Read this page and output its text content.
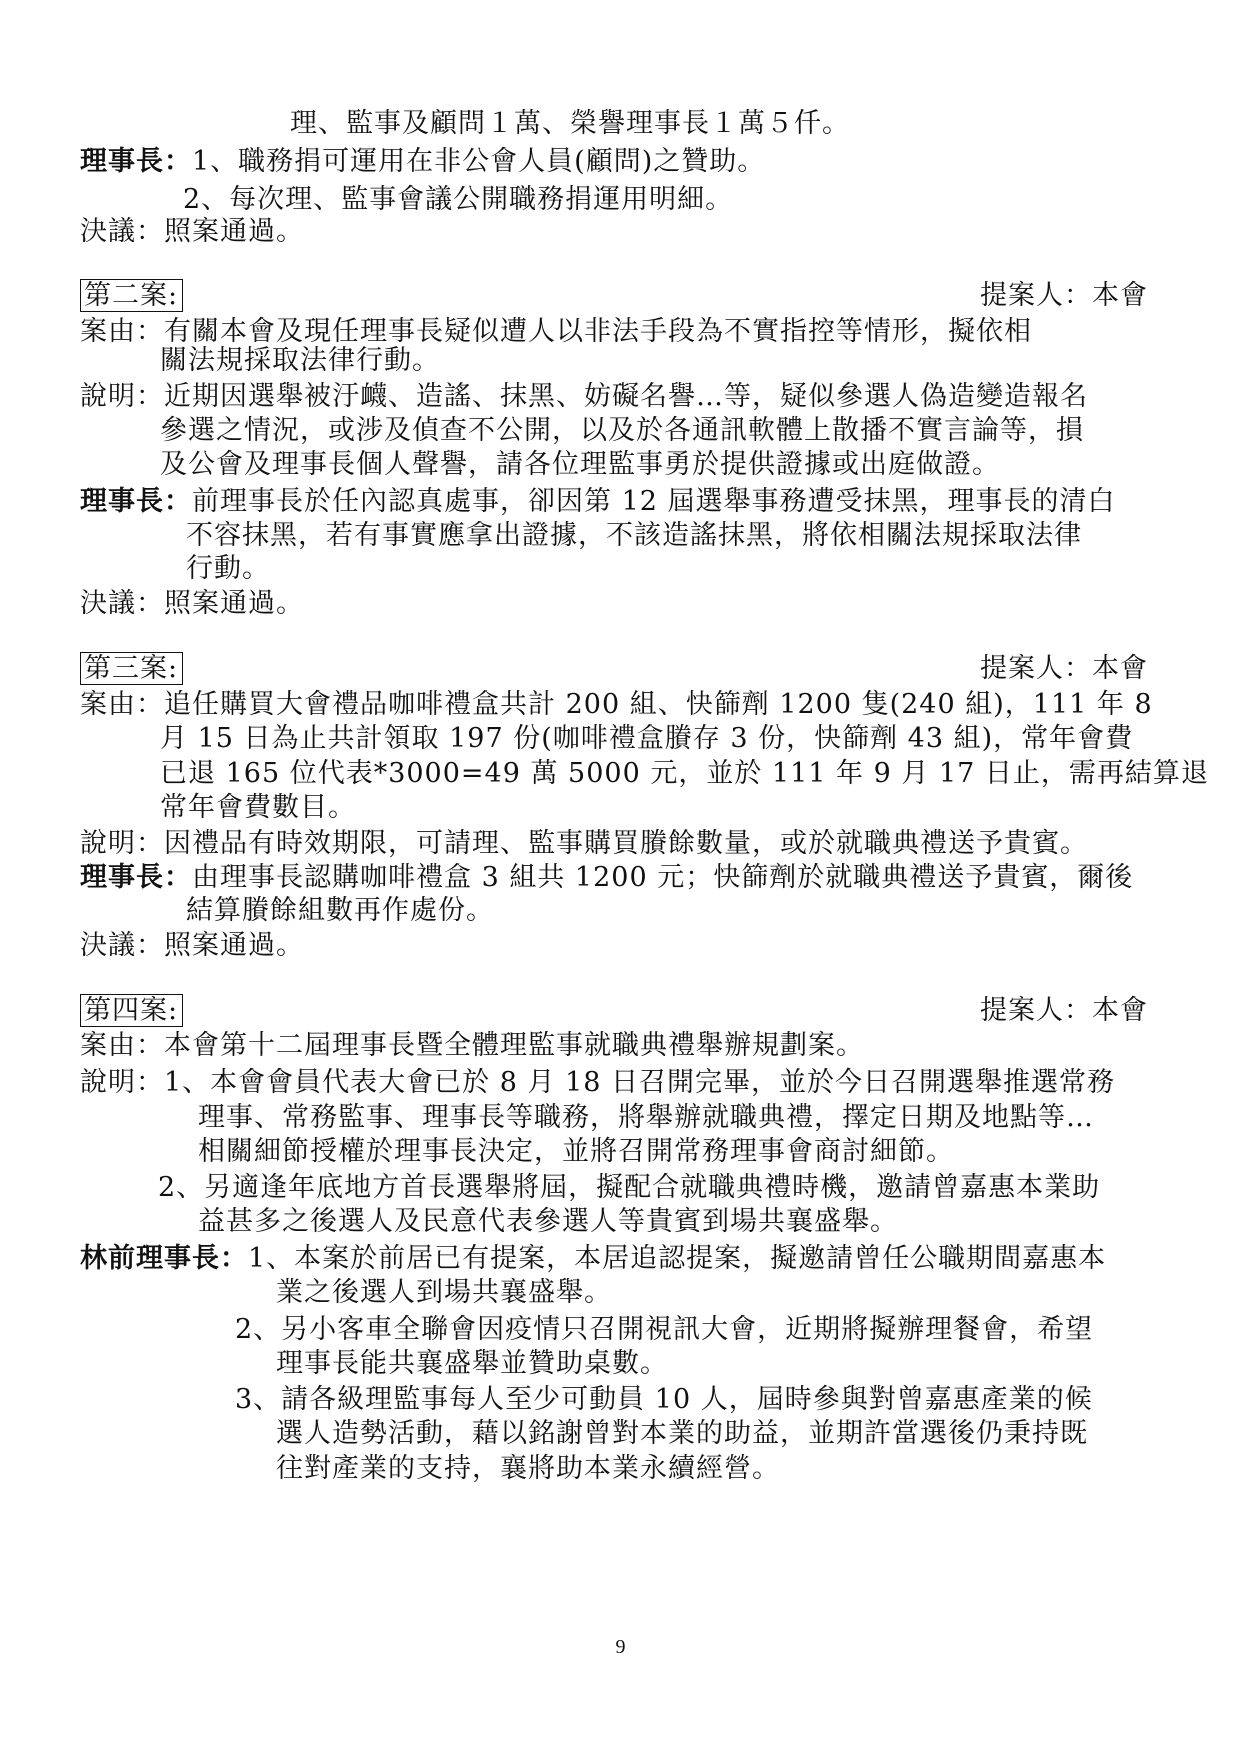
理、監事及顧問１萬、榮譽理事長１萬５仟。
理事長：1、職務捐可運用在非公會人員(顧問)之贊助。
2、每次理、監事會議公開職務捐運用明細。
決議：照案通過。
第二案:	提案人：本會
案由：有關本會及現任理事長疑似遭人以非法手段為不實指控等情形，擬依相
關法規採取法律行動。
說明：近期因選舉被汙衊、造謠、抹黑、妨礙名譽…等，疑似參選人偽造變造報名
參選之情況，或涉及偵查不公開，以及於各通訊軟體上散播不實言論等，損
及公會及理事長個人聲譽，請各位理監事勇於提供證據或出庭做證。
理事長：前理事長於任內認真處事，卻因第 12 屆選舉事務遭受抹黑，理事長的清白
不容抹黑，若有事實應拿出證據，不該造謠抹黑，將依相關法規採取法律
行動。
決議：照案通過。
第三案:	提案人：本會
案由：追任購買大會禮品咖啡禮盒共計 200 組、快篩劑 1200 隻(240 組)，111 年 8
月 15 日為止共計領取 197 份(咖啡禮盒賸存 3 份，快篩劑 43 組)，常年會費
已退 165 位代表*3000=49 萬 5000 元，並於 111 年 9 月 17 日止，需再結算退
常年會費數目。
說明：因禮品有時效期限，可請理、監事購買賸餘數量，或於就職典禮送予貴賓。
理事長：由理事長認購咖啡禮盒 3 組共 1200 元；快篩劑於就職典禮送予貴賓，爾後
結算賸餘組數再作處份。
決議：照案通過。
第四案:	提案人：本會
案由：本會第十二屆理事長暨全體理監事就職典禮舉辦規劃案。
說明：1、本會會員代表大會已於 8 月 18 日召開完畢，並於今日召開選舉推選常務
理事、常務監事、理事長等職務，將舉辦就職典禮，擇定日期及地點等…
相關細節授權於理事長決定，並將召開常務理事會商討細節。
2、另適逢年底地方首長選舉將屆，擬配合就職典禮時機，邀請曾嘉惠本業助
益甚多之後選人及民意代表參選人等貴賓到場共襄盛舉。
林前理事長：1、本案於前居已有提案，本居追認提案，擬邀請曾任公職期間嘉惠本
業之後選人到場共襄盛舉。
2、另小客車全聯會因疫情只召開視訊大會，近期將擬辦理餐會，希望
理事長能共襄盛舉並贊助桌數。
3、請各級理監事每人至少可動員 10 人，屆時參與對曾嘉惠產業的候
選人造勢活動，藉以銘謝曾對本業的助益，並期許當選後仍秉持既
往對產業的支持，襄將助本業永續經營。
9
